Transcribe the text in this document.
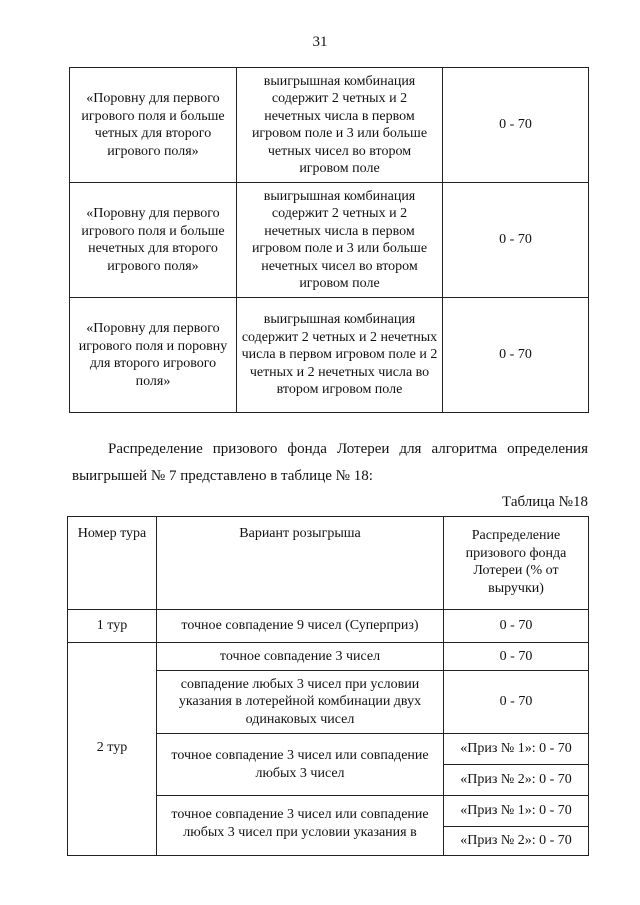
31
«Поровну для первого игрового поля и больше четных для второго игрового поля»	выигрышная комбинация содержит 2 четных и 2 нечетных числа в первом игровом поле и 3 или больше четных чисел во втором игровом поле	0 - 70
«Поровну для первого игрового поля и больше нечетных для второго игрового поля»	выигрышная комбинация содержит 2 четных и 2 нечетных числа в первом игровом поле и 3 или больше нечетных чисел во втором игровом поле	0 - 70
«Поровну для первого игрового поля и поровну для второго игрового поля»	выигрышная комбинация содержит 2 четных и 2 нечетных числа в первом игровом поле и 2 четных и 2 нечетных числа во втором игровом поле	0 - 70
Распределение призового фонда Лотереи для алгоритма определения
выигрышей № 7 представлено в таблице № 18:
Таблица №18
Номер тура	Вариант розыгрыша	Распределение призового фонда Лотереи (% от выручки)
1 тур	точное совпадение 9 чисел (Суперприз)	0 - 70
2 тур	точное совпадение 3 чисел	0 - 70
	совпадение любых 3 чисел при условии указания в лотерейной комбинации двух одинаковых чисел	0 - 70
	точное совпадение 3 чисел или совпадение любых 3 чисел	«Приз № 1»: 0 - 70
		«Приз № 2»: 0 - 70
	точное совпадение 3 чисел или совпадение любых 3 чисел при условии указания в	«Приз № 1»: 0 - 70
		«Приз № 2»: 0 - 70
